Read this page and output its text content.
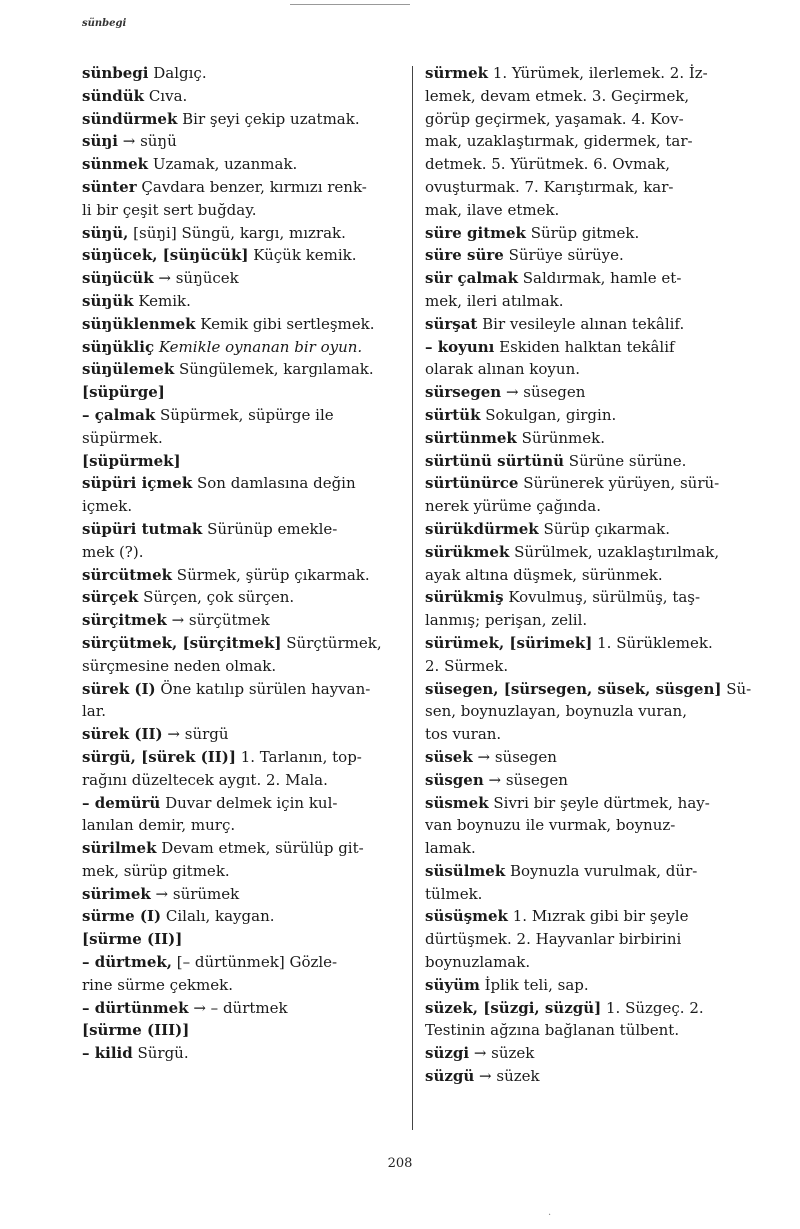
sünbegi
sünbegi Dalgıç.
sündük Cıva.
sündürmek Bir şeyi çekip uzatmak.
süŋi → süŋü
sünmek Uzamak, uzanmak.
sünter Çavdara benzer, kırmızı renk-
li bir çeşit sert buğday.
süŋü, [süŋi] Süngü, kargı, mızrak.
süŋücek, [süŋücük] Küçük kemik.
süŋücük → süŋücek
süŋük Kemik.
süŋüklenmek Kemik gibi sertleşmek.
süŋükliç Kemikle oynanan bir oyun.
süŋülemek Süngülemek, kargılamak.
[süpürge]
– çalmak Süpürmek, süpürge ile
süpürmek.
[süpürmek]
süpüri içmek Son damlasına değin
içmek.
süpüri tutmak Sürünüp emekle-
mek (?).
sürcütmek Sürmek, şürüp çıkarmak.
sürçek Sürçen, çok sürçen.
sürçitmek → sürçütmek
sürçütmek, [sürçitmek] Sürçtürmek,
sürçmesine neden olmak.
sürek (I) Öne katılıp sürülen hayvan-
lar.
sürek (II) → sürgü
sürgü, [sürek (II)] 1. Tarlanın, top-
rağını düzeltecek aygıt. 2. Mala.
– demürü Duvar delmek için kul-
lanılan demir, murç.
sürilmek Devam etmek, sürülüp git-
mek, sürüp gitmek.
sürimek → sürümek
sürme (I) Cilalı, kaygan.
[sürme (II)]
– dürtmek, [– dürtünmek] Gözle-
rine sürme çekmek.
– dürtünmek → – dürtmek
[sürme (III)]
– kilid Sürgü.
sürmek 1. Yürümek, ilerlemek. 2. İz-
lemek, devam etmek. 3. Geçirmek,
görüp geçirmek, yaşamak. 4. Kov-
mak, uzaklaştırmak, gidermek, tar-
detmek. 5. Yürütmek. 6. Ovmak,
ovuşturmak. 7. Karıştırmak, kar-
mak, ilave etmek.
süre gitmek Sürüp gitmek.
süre süre Sürüye sürüye.
sür çalmak Saldırmak, hamle et-
mek, ileri atılmak.
sürşat Bir vesileyle alınan tekâlif.
– koyunı Eskiden halktan tekâlif
olarak alınan koyun.
sürsegen → süsegen
sürtük Sokulgan, girgin.
sürtünmek Sürünmek.
sürtünü sürtünü Sürüne sürüne.
sürtünürce Sürünerek yürüyen, sürü-
nerek yürüme çağında.
sürükdürmek Sürüp çıkarmak.
sürükmek Sürülmek, uzaklaştırılmak,
ayak altına düşmek, sürünmek.
sürükmiş Kovulmuş, sürülmüş, taş-
lanmış; perişan, zelil.
sürümek, [sürimek] 1. Sürüklemek.
2. Sürmek.
süsegen, [sürsegen, süsek, süsgen] Sü-
sen, boynuzlayan, boynuzla vuran,
tos vuran.
süsek → süsegen
süsgen → süsegen
süsmek Sivri bir şeyle dürtmek, hay-
van boynuzu ile vurmak, boynuz-
lamak.
süsülmek Boynuzla vurulmak, dür-
tülmek.
süsüşmek 1. Mızrak gibi bir şeyle
dürtüşmek. 2. Hayvanlar birbirini
boynuzlamak.
süyüm İplik teli, sap.
süzek, [süzgi, süzgü] 1. Süzgeç. 2.
Testinin ağzına bağlanan tülbent.
süzgi → süzek
süzgü → süzek
208
·
